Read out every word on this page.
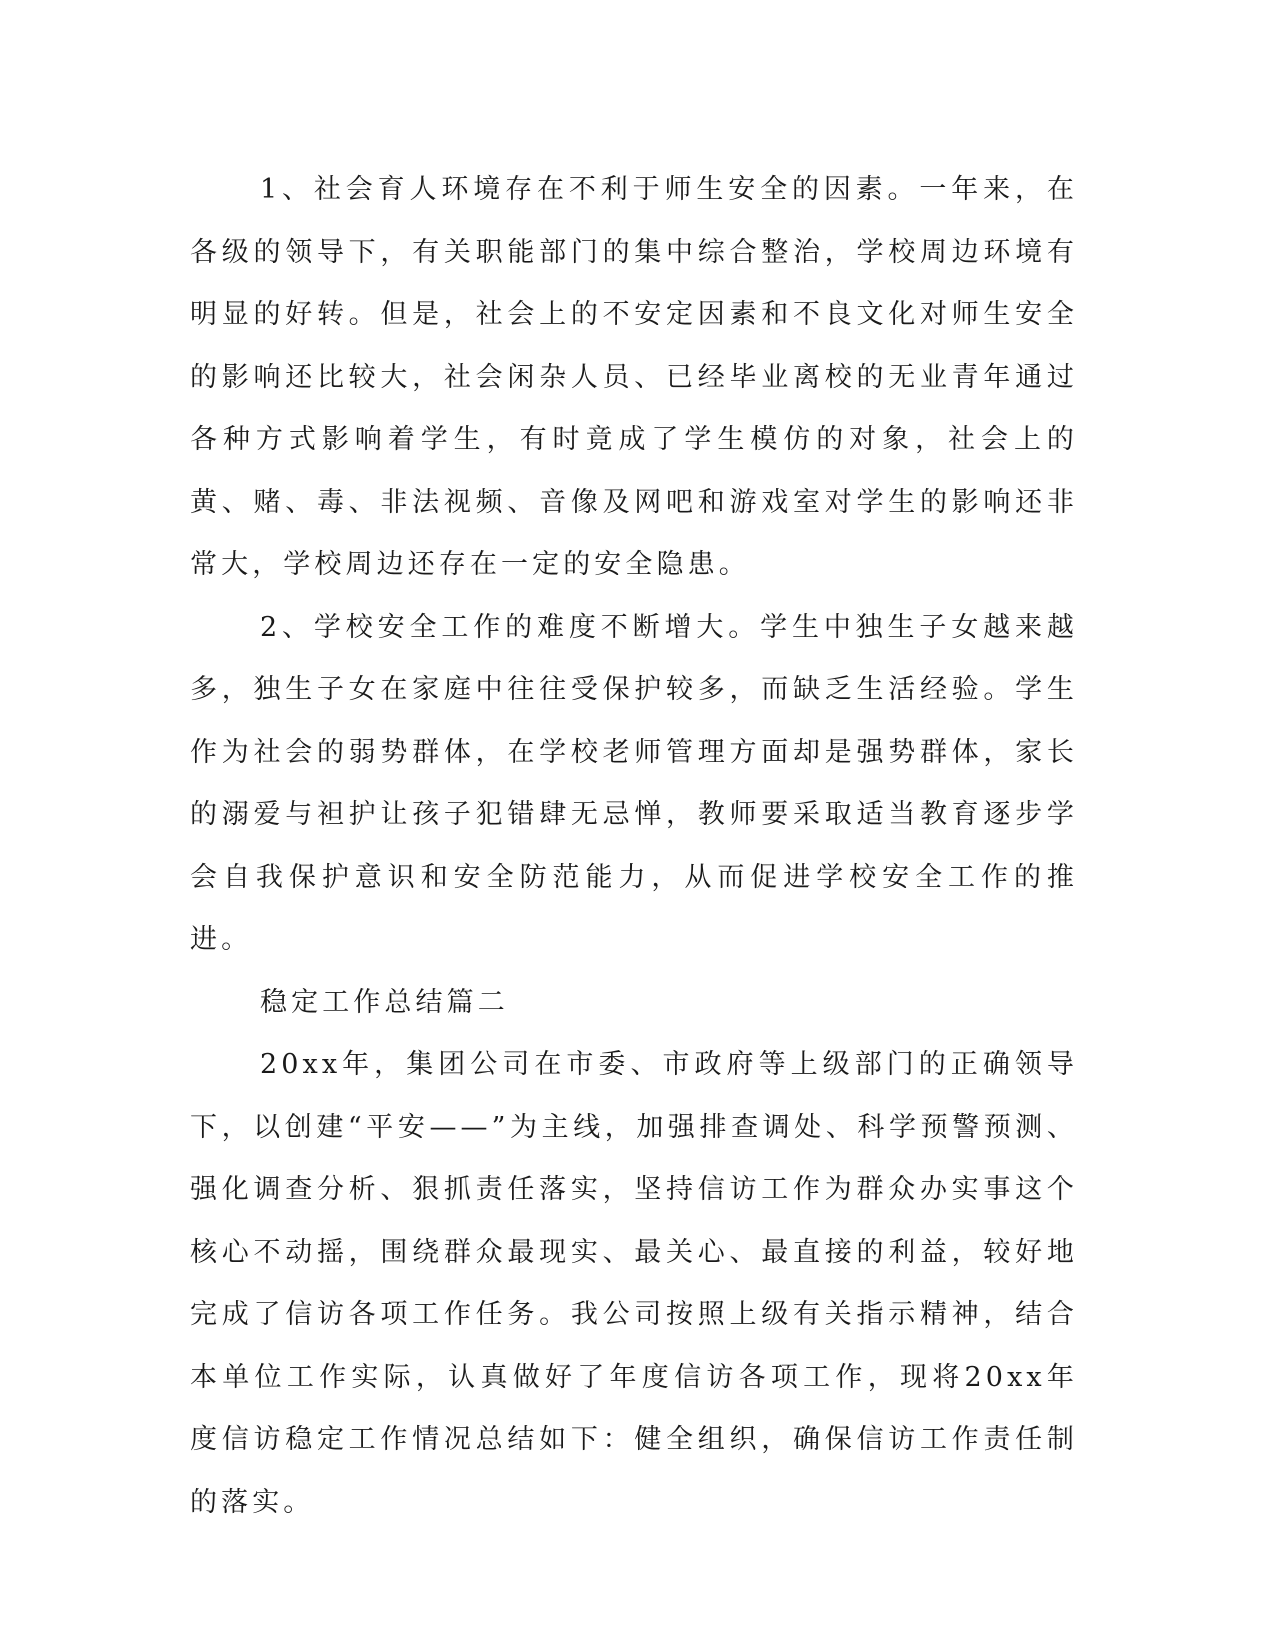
1、社会育人环境存在不利于师生安全的因素。一年来，在各级的领导下，有关职能部门的集中综合整治，学校周边环境有明显的好转。但是，社会上的不安定因素和不良文化对师生安全的影响还比较大，社会闲杂人员、已经毕业离校的无业青年通过各种方式影响着学生，有时竟成了学生模仿的对象，社会上的黄、赌、毒、非法视频、音像及网吧和游戏室对学生的影响还非常大，学校周边还存在一定的安全隐患。

2、学校安全工作的难度不断增大。学生中独生子女越来越多，独生子女在家庭中往往受保护较多，而缺乏生活经验。学生作为社会的弱势群体，在学校老师管理方面却是强势群体，家长的溺爱与袒护让孩子犯错肆无忌惮，教师要采取适当教育逐步学会自我保护意识和安全防范能力，从而促进学校安全工作的推进。

稳定工作总结篇二

20xx年，集团公司在市委、市政府等上级部门的正确领导下，以创建“平安——”为主线，加强排查调处、科学预警预测、强化调查分析、狠抓责任落实，坚持信访工作为群众办实事这个核心不动摇，围绕群众最现实、最关心、最直接的利益，较好地完成了信访各项工作任务。我公司按照上级有关指示精神，结合本单位工作实际，认真做好了年度信访各项工作，现将20xx年度信访稳定工作情况总结如下：健全组织，确保信访工作责任制的落实。
